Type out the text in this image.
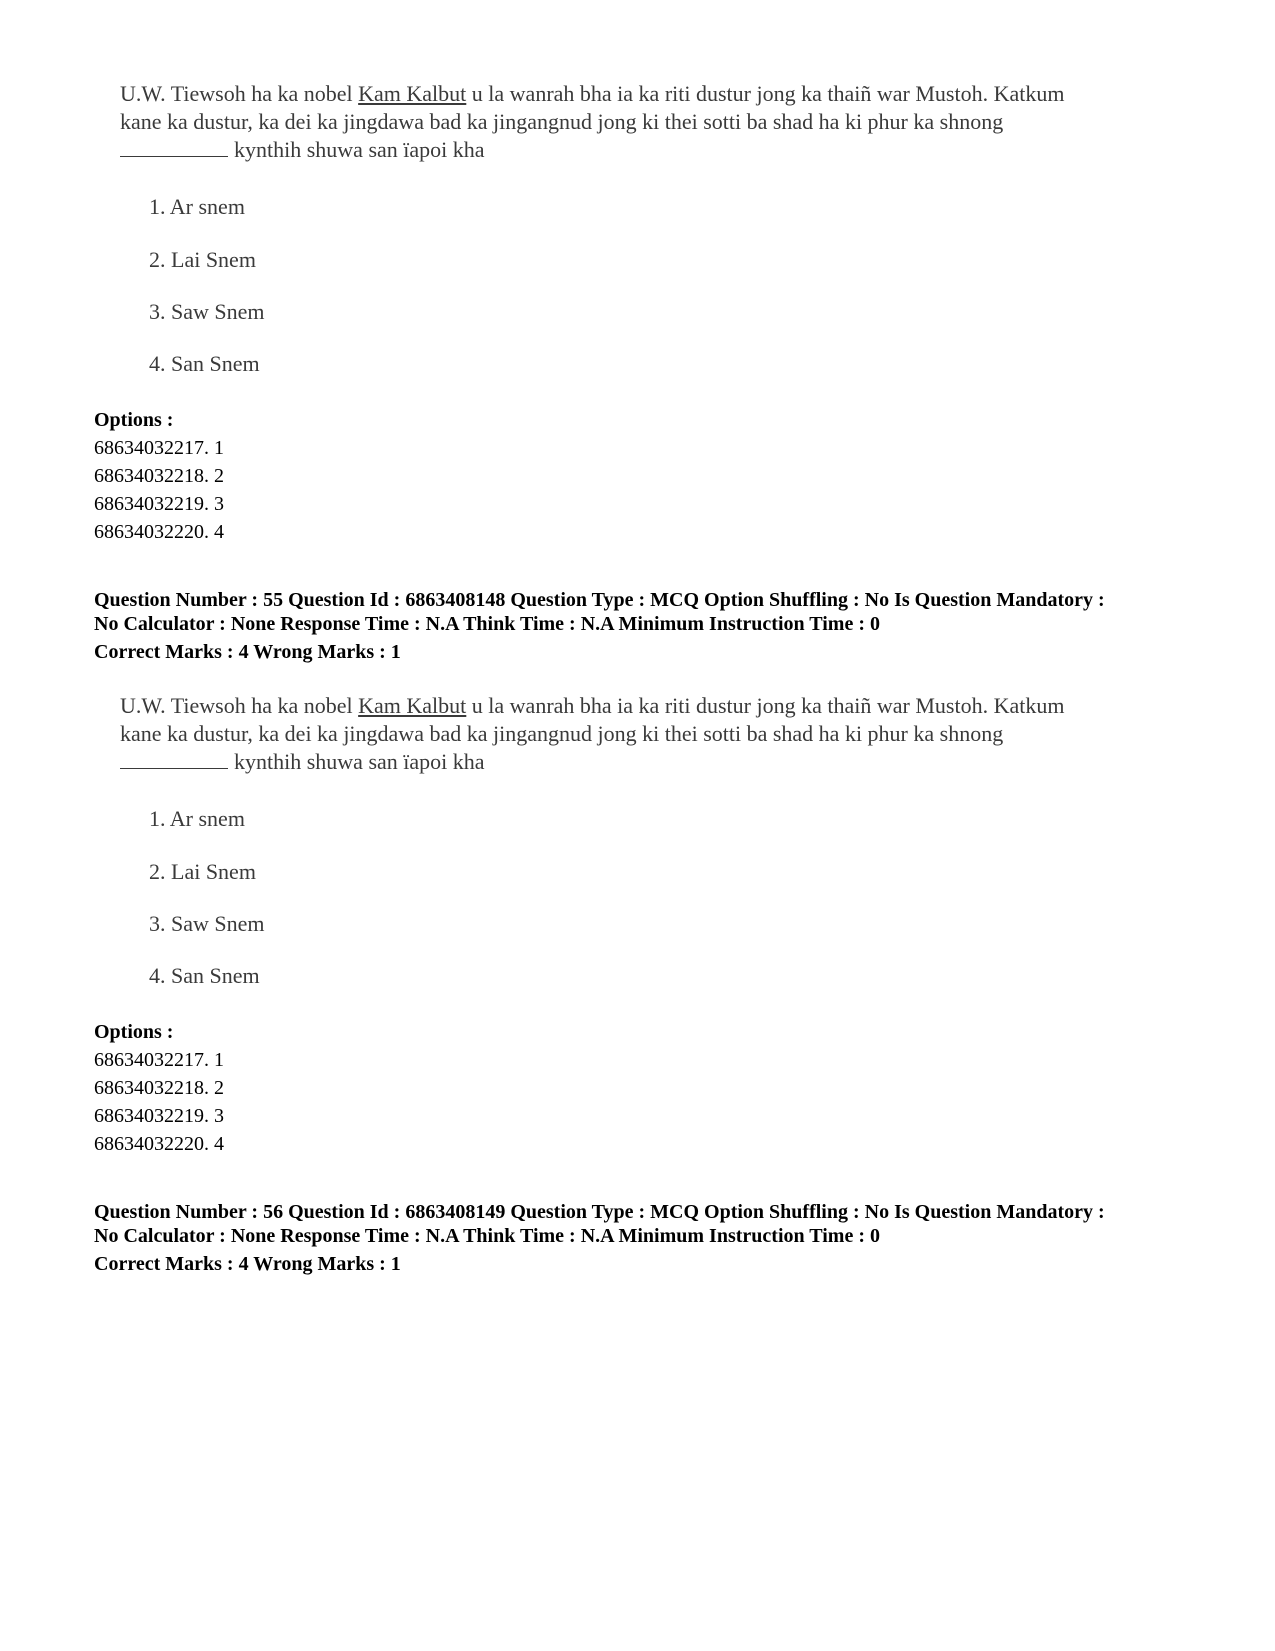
U.W. Tiewsoh ha ka nobel Kam Kalbut u la wanrah bha ia ka riti dustur jong ka thaiñ war Mustoh. Katkum
kane ka dustur, ka dei ka jingdawa bad ka jingangnud jong ki thei sotti ba shad ha ki phur ka shnong
kynthih shuwa san ïapoi kha
1. Ar snem
2. Lai Snem
3. Saw Snem
4. San Snem
Options :
68634032217. 1
68634032218. 2
68634032219. 3
68634032220. 4
Question Number : 55 Question Id : 6863408148 Question Type : MCQ Option Shuffling : No Is Question Mandatory :
No Calculator : None Response Time : N.A Think Time : N.A Minimum Instruction Time : 0
Correct Marks : 4 Wrong Marks : 1
U.W. Tiewsoh ha ka nobel Kam Kalbut u la wanrah bha ia ka riti dustur jong ka thaiñ war Mustoh. Katkum
kane ka dustur, ka dei ka jingdawa bad ka jingangnud jong ki thei sotti ba shad ha ki phur ka shnong
kynthih shuwa san ïapoi kha
1. Ar snem
2. Lai Snem
3. Saw Snem
4. San Snem
Options :
68634032217. 1
68634032218. 2
68634032219. 3
68634032220. 4
Question Number : 56 Question Id : 6863408149 Question Type : MCQ Option Shuffling : No Is Question Mandatory :
No Calculator : None Response Time : N.A Think Time : N.A Minimum Instruction Time : 0
Correct Marks : 4 Wrong Marks : 1
